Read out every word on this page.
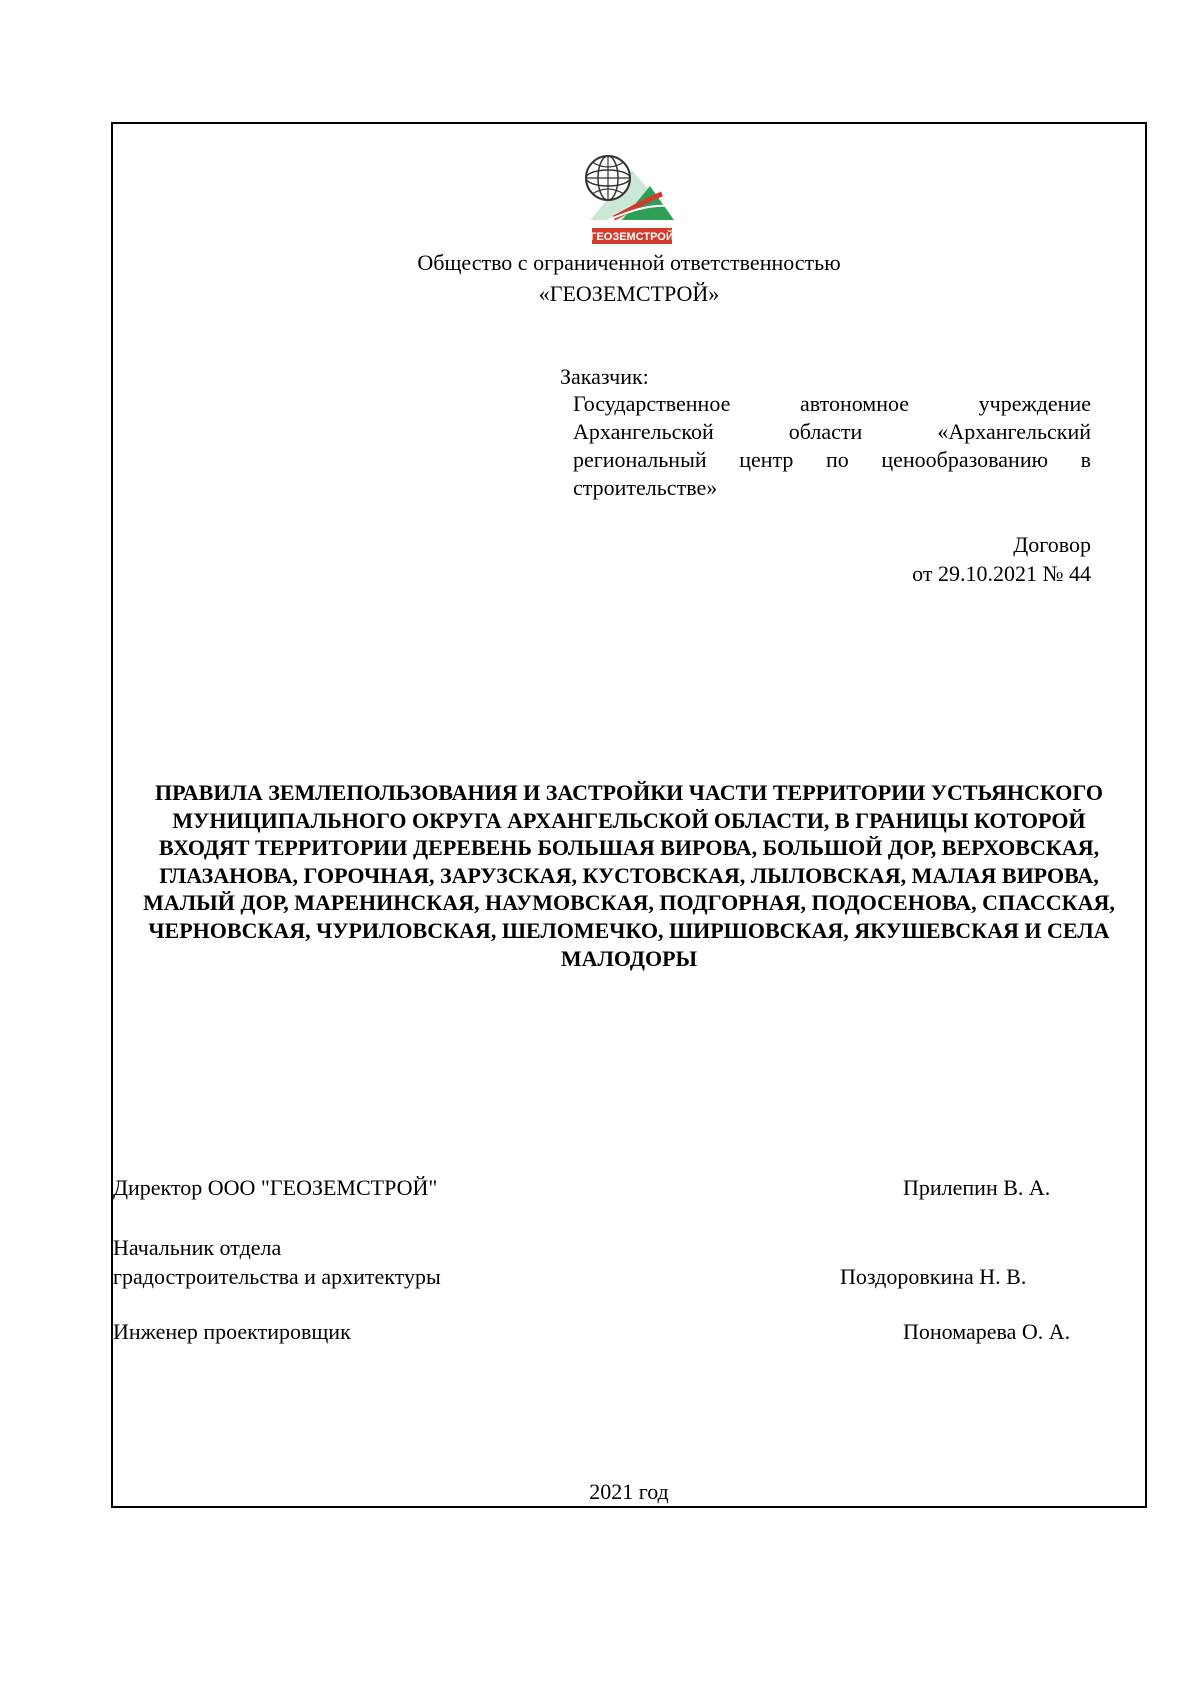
ГЕОЗЕМСТРОЙ
Общество с ограниченной ответственностью
«ГЕОЗЕМСТРОЙ»
Заказчик:
Государственное автономное учреждение Архангельской области «Архангельский региональный центр по ценообразованию в строительстве»
Договор
от 29.10.2021 № 44
ПРАВИЛА ЗЕМЛЕПОЛЬЗОВАНИЯ И ЗАСТРОЙКИ ЧАСТИ ТЕРРИТОРИИ УСТЬЯНСКОГО МУНИЦИПАЛЬНОГО ОКРУГА АРХАНГЕЛЬСКОЙ ОБЛАСТИ, В ГРАНИЦЫ КОТОРОЙ ВХОДЯТ ТЕРРИТОРИИ ДЕРЕВЕНЬ БОЛЬШАЯ ВИРОВА, БОЛЬШОЙ ДОР, ВЕРХОВСКАЯ, ГЛАЗАНОВА, ГОРОЧНАЯ, ЗАРУЗСКАЯ, КУСТОВСКАЯ, ЛЫЛОВСКАЯ, МАЛАЯ ВИРОВА, МАЛЫЙ ДОР, МАРЕНИНСКАЯ, НАУМОВСКАЯ, ПОДГОРНАЯ, ПОДОСЕНОВА, СПАССКАЯ, ЧЕРНОВСКАЯ, ЧУРИЛОВСКАЯ, ШЕЛОМЕЧКО, ШИРШОВСКАЯ, ЯКУШЕВСКАЯ И СЕЛА МАЛОДОРЫ
Директор ООО "ГЕОЗЕМСТРОЙ"	Прилепин В. А.
Начальник отдела
градостроительства и архитектуры	Поздоровкина Н. В.
Инженер проектировщик	Пономарева О. А.
2021 год
